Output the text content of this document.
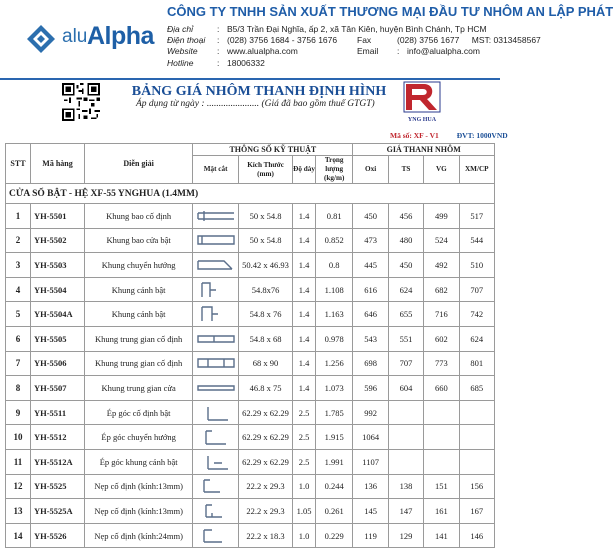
alu Alpha
CÔNG TY TNHH SẢN XUẤT THƯƠNG MẠI ĐẦU TƯ NHÔM AN LẬP PHÁT
Địa chỉ	: B5/3 Trần Đại Nghĩa, ấp 2, xã Tân Kiên, huyện Bình Chánh, Tp HCM
Điện thoại : (028) 3756 1684 - 3756 1676 Fax	(028) 3756 1677 MST: 0313458567
Website : www.alualpha.com	Email : info@alualpha.com
Hotline	: 18006332
BẢNG GIÁ NHÔM THANH ĐỊNH HÌNH
Áp dụng từ ngày : ...................... (Giá đã bao gồm thuế GTGT)
YNG HUA
Mã số: XF - V1 ĐVT: 1000VND
STT	Mã hàng	Diễn giải	THÔNG SỐ KỸ THUẬT				GIÁ THANH NHÔM			
			Mặt cắt	Kích Thước (mm)	Độ dày	Trọng lượng (kg/m)	Oxi	TS	VG	XM/CP
CỬA SỔ BẬT - HỆ XF-55 YNGHUA (1.4MM)										
1	YH-5501	Khung bao cố định		50 x 54.8	1.4	0.81	450	456	499	517
2	YH-5502	Khung bao cửa bật		50 x 54.8	1.4	0.852	473	480	524	544
3	YH-5503	Khung chuyển hướng		50.42 x 46.93	1.4	0.8	445	450	492	510
4	YH-5504	Khung cánh bật		54.8x76	1.4	1.108	616	624	682	707
5	YH-5504A	Khung cánh bật		54.8 x 76	1.4	1.163	646	655	716	742
6	YH-5505	Khung trung gian cố định		54.8 x 68	1.4	0.978	543	551	602	624
7	YH-5506	Khung trung gian cố định		68 x 90	1.4	1.256	698	707	773	801
8	YH-5507	Khung trung gian cửa		46.8 x 75	1.4	1.073	596	604	660	685
9	YH-5511	Ép góc cố định bật		62.29 x 62.29	2.5	1.785	992			
10	YH-5512	Ép góc chuyển hướng		62.29 x 62.29	2.5	1.915	1064			
11	YH-5512A	Ép góc khung cánh bật		62.29 x 62.29	2.5	1.991	1107			
12	YH-5525	Nẹp cố định (kính:13mm)		22.2 x 29.3	1.0	0.244	136	138	151	156
13	YH-5525A	Nẹp cố định (kính:13mm)		22.2 x 29.3	1.05	0.261	145	147	161	167
14	YH-5526	Nẹp cố định (kính:24mm)		22.2 x 18.3	1.0	0.229	119	129	141	146
